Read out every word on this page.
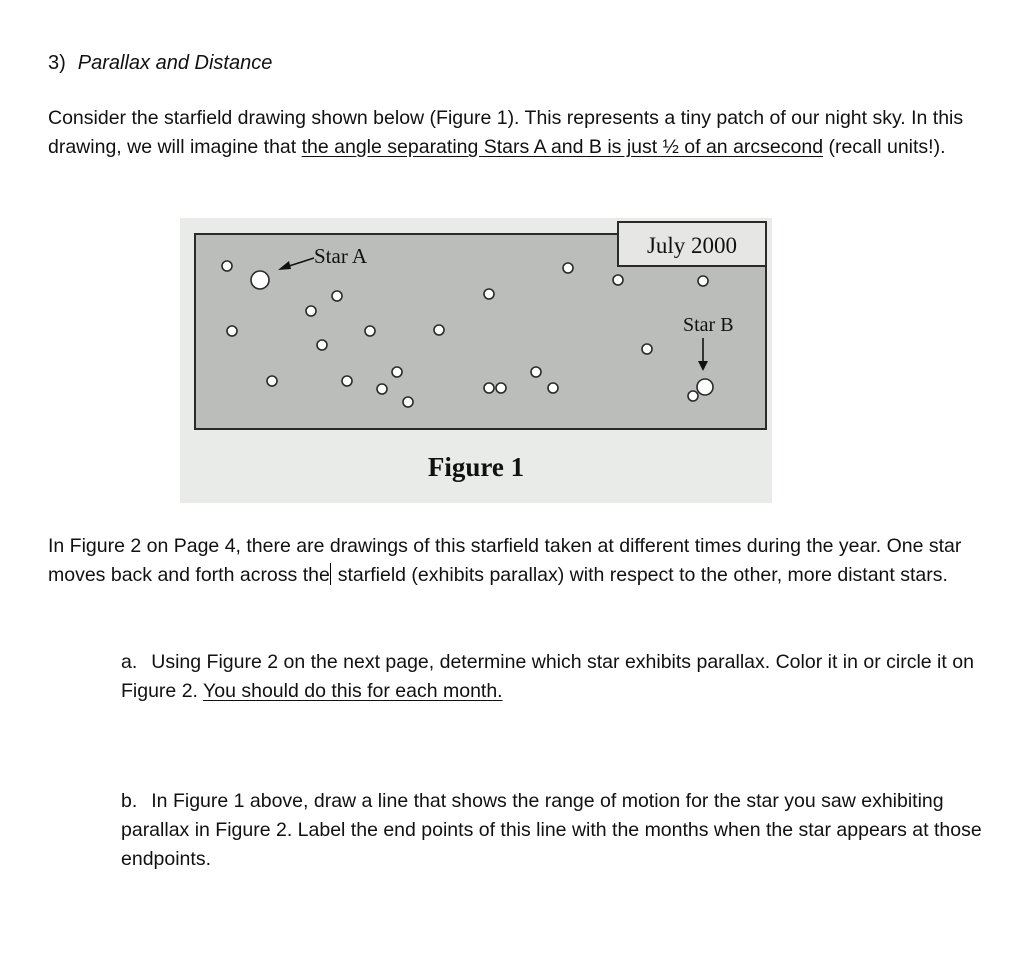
3) Parallax and Distance
Consider the starfield drawing shown below (Figure 1). This represents a tiny patch of our night sky. In this drawing, we will imagine that the angle separating Stars A and B is just ½ of an arcsecond (recall units!).
July 2000
Star A
Star B
Figure 1
In Figure 2 on Page 4, there are drawings of this starfield taken at different times during the year. One star moves back and forth across the starfield (exhibits parallax) with respect to the other, more distant stars.
a. Using Figure 2 on the next page, determine which star exhibits parallax. Color it in or circle it on Figure 2. You should do this for each month.
b. In Figure 1 above, draw a line that shows the range of motion for the star you saw exhibiting parallax in Figure 2. Label the end points of this line with the months when the star appears at those endpoints.
